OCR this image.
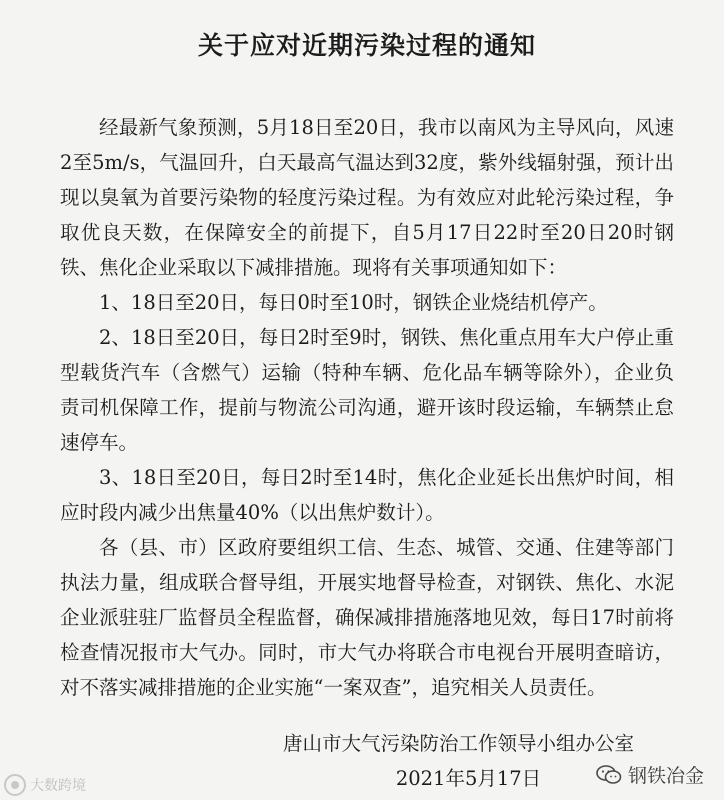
关于应对近期污染过程的通知

经最新气象预测，5月18日至20日，我市以南风为主导风向，风速2至5m/s，气温回升，白天最高气温达到32度，紫外线辐射强，预计出现以臭氧为首要污染物的轻度污染过程。为有效应对此轮污染过程，争取优良天数，在保障安全的前提下，自5月17日22时至20日20时钢铁、焦化企业采取以下减排措施。现将有关事项通知如下：

1、18日至20日，每日0时至10时，钢铁企业烧结机停产。

2、18日至20日，每日2时至9时，钢铁、焦化重点用车大户停止重型载货汽车（含燃气）运输（特种车辆、危化品车辆等除外），企业负责司机保障工作，提前与物流公司沟通，避开该时段运输，车辆禁止怠速停车。

3、18日至20日，每日2时至14时，焦化企业延长出焦炉时间，相应时段内减少出焦量40%（以出焦炉数计）。

各（县、市）区政府要组织工信、生态、城管、交通、住建等部门执法力量，组成联合督导组，开展实地督导检查，对钢铁、焦化、水泥企业派驻驻厂监督员全程监督，确保减排措施落地见效，每日17时前将检查情况报市大气办。同时，市大气办将联合市电视台开展明查暗访，对不落实减排措施的企业实施“一案双查”，追究相关人员责任。

唐山市大气污染防治工作领导小组办公室
2021年5月17日
大数跨境	钢铁冶金
